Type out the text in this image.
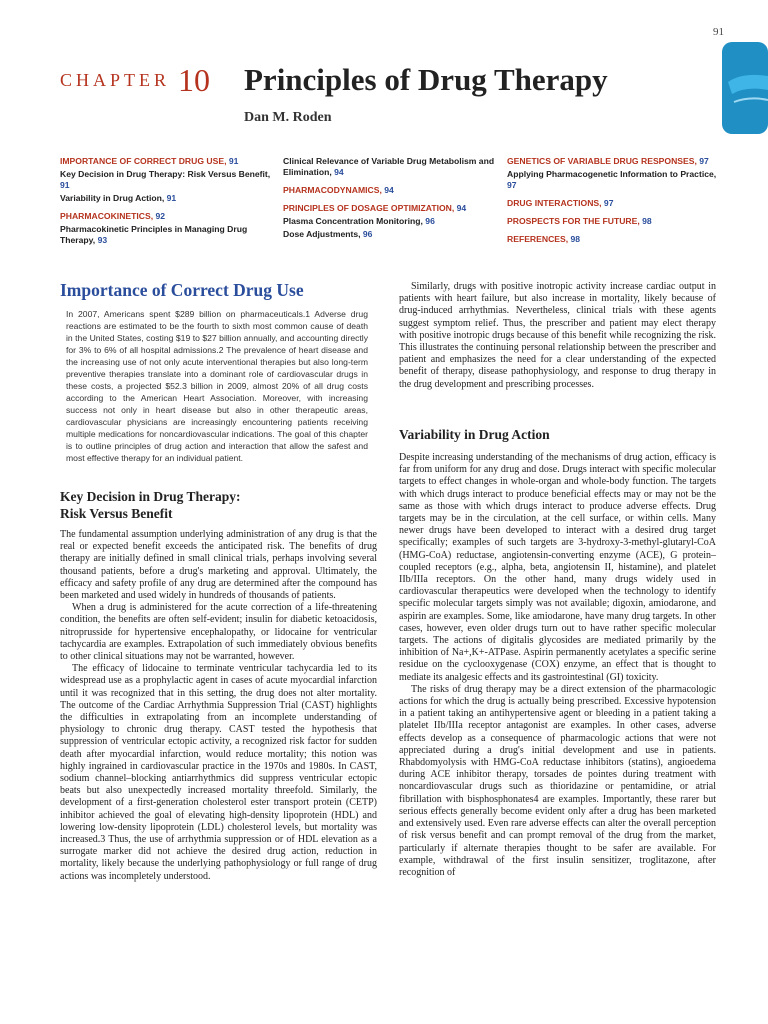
91
CHAPTER 10 Principles of Drug Therapy
Dan M. Roden
IMPORTANCE OF CORRECT DRUG USE, 91
Key Decision in Drug Therapy: Risk Versus Benefit, 91
Variability in Drug Action, 91
PHARMACOKINETICS, 92
Pharmacokinetic Principles in Managing Drug Therapy, 93
Clinical Relevance of Variable Drug Metabolism and Elimination, 94
PHARMACODYNAMICS, 94
PRINCIPLES OF DOSAGE OPTIMIZATION, 94
Plasma Concentration Monitoring, 96
Dose Adjustments, 96
GENETICS OF VARIABLE DRUG RESPONSES, 97
Applying Pharmacogenetic Information to Practice, 97
DRUG INTERACTIONS, 97
PROSPECTS FOR THE FUTURE, 98
REFERENCES, 98
Importance of Correct Drug Use

In 2007, Americans spent $289 billion on pharmaceuticals.1 Adverse drug reactions are estimated to be the fourth to sixth most common cause of death in the United States, costing $19 to $27 billion annually, and accounting directly for 3% to 6% of all hospital admissions.2 The prevalence of heart disease and the increasing use of not only acute interventional therapies but also long-term preventive therapies translate into a dominant role of cardiovascular drugs in these costs, a projected $52.3 billion in 2009, almost 20% of all drug costs according to the American Heart Association. Moreover, with increasing success not only in heart disease but also in other therapeutic areas, cardiovascular physicians are increasingly encountering patients receiving multiple medications for noncardiovascular indications. The goal of this chapter is to outline principles of drug action and interaction that allow the safest and most effective therapy for an individual patient.

Key Decision in Drug Therapy:
Risk Versus Benefit

The fundamental assumption underlying administration of any drug is that the real or expected benefit exceeds the anticipated risk. The benefits of drug therapy are initially defined in small clinical trials, perhaps involving several thousand patients, before a drug's marketing and approval. Ultimately, the efficacy and safety profile of any drug are determined after the compound has been marketed and used widely in hundreds of thousands of patients.

When a drug is administered for the acute correction of a life-threatening condition, the benefits are often self-evident; insulin for diabetic ketoacidosis, nitroprusside for hypertensive encephalopathy, or lidocaine for ventricular tachycardia are examples. Extrapolation of such immediately obvious benefits to other clinical situations may not be warranted, however.

The efficacy of lidocaine to terminate ventricular tachycardia led to its widespread use as a prophylactic agent in cases of acute myocardial infarction until it was recognized that in this setting, the drug does not alter mortality. The outcome of the Cardiac Arrhythmia Suppression Trial (CAST) highlights the difficulties in extrapolating from an incomplete understanding of physiology to chronic drug therapy. CAST tested the hypothesis that suppression of ventricular ectopic activity, a recognized risk factor for sudden death after myocardial infarction, would reduce mortality; this notion was highly ingrained in cardiovascular practice in the 1970s and 1980s. In CAST, sodium channel–blocking antiarrhythmics did suppress ventricular ectopic beats but also unexpectedly increased mortality threefold. Similarly, the development of a first-generation cholesterol ester transport protein (CETP) inhibitor achieved the goal of elevating high-density lipoprotein (HDL) and lowering low-density lipoprotein (LDL) cholesterol levels, but mortality was increased.3 Thus, the use of arrhythmia suppression or of HDL elevation as a surrogate marker did not achieve the desired drug action, reduction in mortality, likely because the underlying pathophysiology or full range of drug actions was incompletely understood.

Similarly, drugs with positive inotropic activity increase cardiac output in patients with heart failure, but also increase in mortality, likely because of drug-induced arrhythmias. Nevertheless, clinical trials with these agents suggest symptom relief. Thus, the prescriber and patient may elect therapy with positive inotropic drugs because of this benefit while recognizing the risk. This illustrates the continuing personal relationship between the prescriber and patient and emphasizes the need for a clear understanding of the expected benefit of therapy, disease pathophysiology, and response to drug therapy in the drug development and prescribing processes.

Variability in Drug Action

Despite increasing understanding of the mechanisms of drug action, efficacy is far from uniform for any drug and dose. Drugs interact with specific molecular targets to effect changes in whole-organ and whole-body function. The targets with which drugs interact to produce beneficial effects may or may not be the same as those with which drugs interact to produce adverse effects. Drug targets may be in the circulation, at the cell surface, or within cells. Many newer drugs have been developed to interact with a desired drug target specifically; examples of such targets are 3-hydroxy-3-methyl-glutaryl-CoA (HMG-CoA) reductase, angiotensin-converting enzyme (ACE), G protein–coupled receptors (e.g., alpha, beta, angiotensin II, histamine), and platelet IIb/IIIa receptors. On the other hand, many drugs widely used in cardiovascular therapeutics were developed when the technology to identify specific molecular targets simply was not available; digoxin, amiodarone, and aspirin are examples. Some, like amiodarone, have many drug targets. In other cases, however, even older drugs turn out to have rather specific molecular targets. The actions of digitalis glycosides are mediated primarily by the inhibition of Na+,K+-ATPase. Aspirin permanently acetylates a specific serine residue on the cyclooxygenase (COX) enzyme, an effect that is thought to mediate its analgesic effects and its gastrointestinal (GI) toxicity.

The risks of drug therapy may be a direct extension of the pharmacologic actions for which the drug is actually being prescribed. Excessive hypotension in a patient taking an antihypertensive agent or bleeding in a patient taking a platelet IIb/IIIa receptor antagonist are examples. In other cases, adverse effects develop as a consequence of pharmacologic actions that were not appreciated during a drug's initial development and use in patients. Rhabdomyolysis with HMG-CoA reductase inhibitors (statins), angioedema during ACE inhibitor therapy, torsades de pointes during treatment with noncardiovascular drugs such as thioridazine or pentamidine, or atrial fibrillation with bisphosphonates4 are examples. Importantly, these rarer but serious effects generally become evident only after a drug has been marketed and extensively used. Even rare adverse effects can alter the overall perception of risk versus benefit and can prompt removal of the drug from the market, particularly if alternate therapies thought to be safer are available. For example, withdrawal of the first insulin sensitizer, troglitazone, after recognition of
